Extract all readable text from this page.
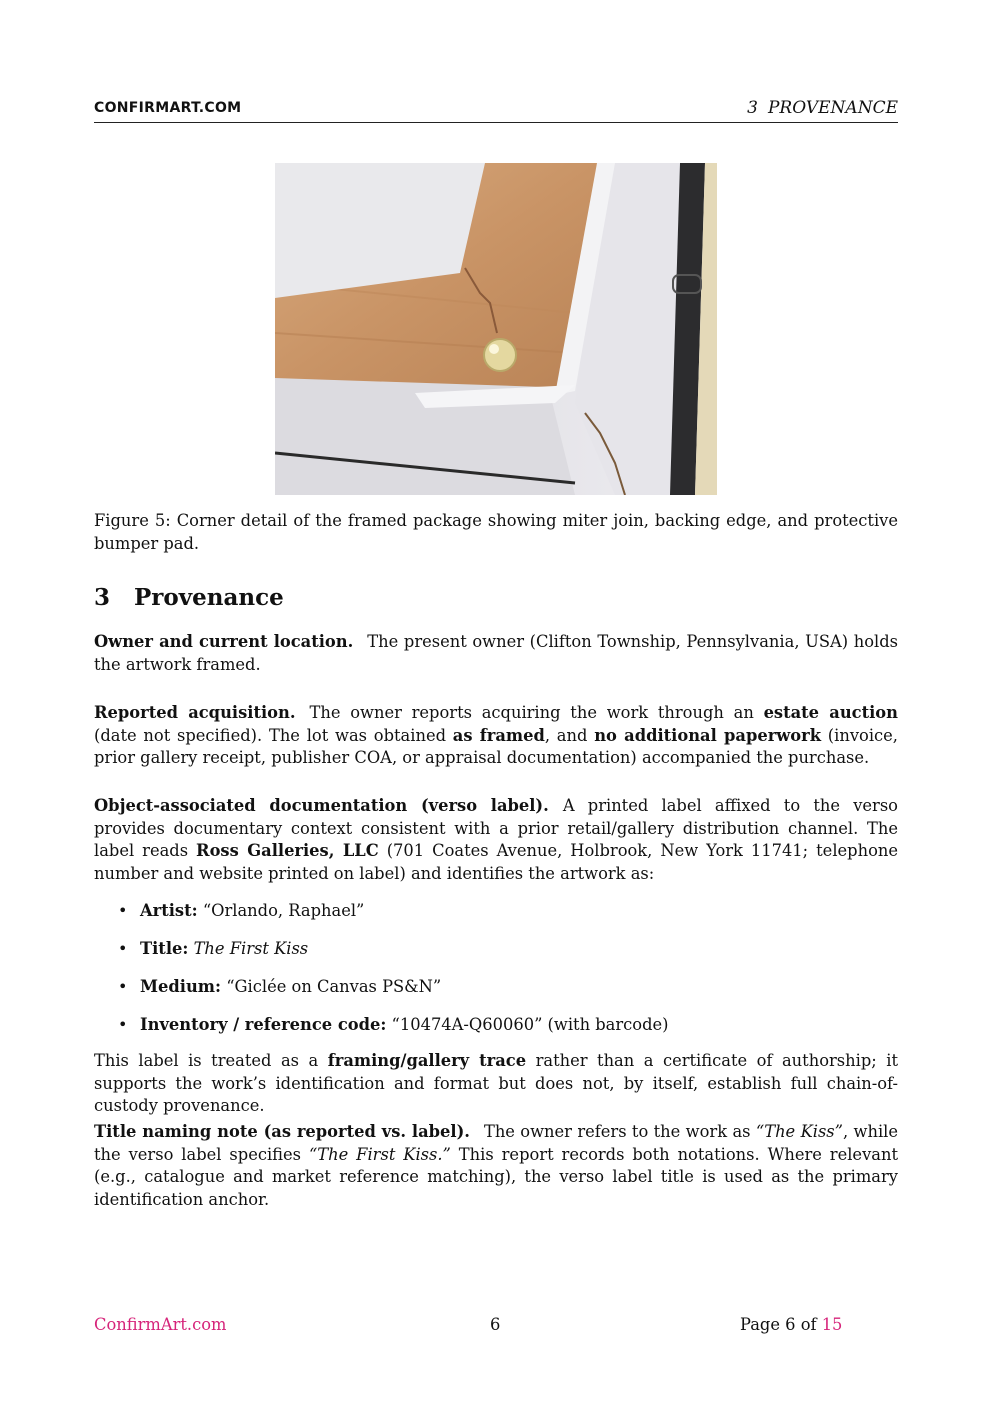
CONFIRMART.COM	3 PROVENANCE
Figure 5: Corner detail of the framed package showing miter join, backing edge, and protective bumper pad.
3 Provenance
Owner and current location. The present owner (Clifton Township, Pennsylvania, USA) holds the artwork framed.
Reported acquisition. The owner reports acquiring the work through an estate auction (date not specified). The lot was obtained as framed, and no additional paperwork (invoice, prior gallery receipt, publisher COA, or appraisal documentation) accompanied the purchase.
Object-associated documentation (verso label). A printed label affixed to the verso provides documentary context consistent with a prior retail/gallery distribution channel. The label reads Ross Galleries, LLC (701 Coates Avenue, Holbrook, New York 11741; telephone number and website printed on label) and identifies the artwork as:
• Artist: “Orlando, Raphael”
• Title: The First Kiss
• Medium: “Giclée on Canvas PS&N”
• Inventory / reference code: “10474A-Q60060” (with barcode)
This label is treated as a framing/gallery trace rather than a certificate of authorship; it supports the work’s identification and format but does not, by itself, establish full chain-of-custody provenance.
Title naming note (as reported vs. label). The owner refers to the work as “The Kiss”, while the verso label specifies “The First Kiss.” This report records both notations. Where relevant (e.g., catalogue and market reference matching), the verso label title is used as the primary identification anchor.
ConfirmArt.com	6	Page 6 of 15
